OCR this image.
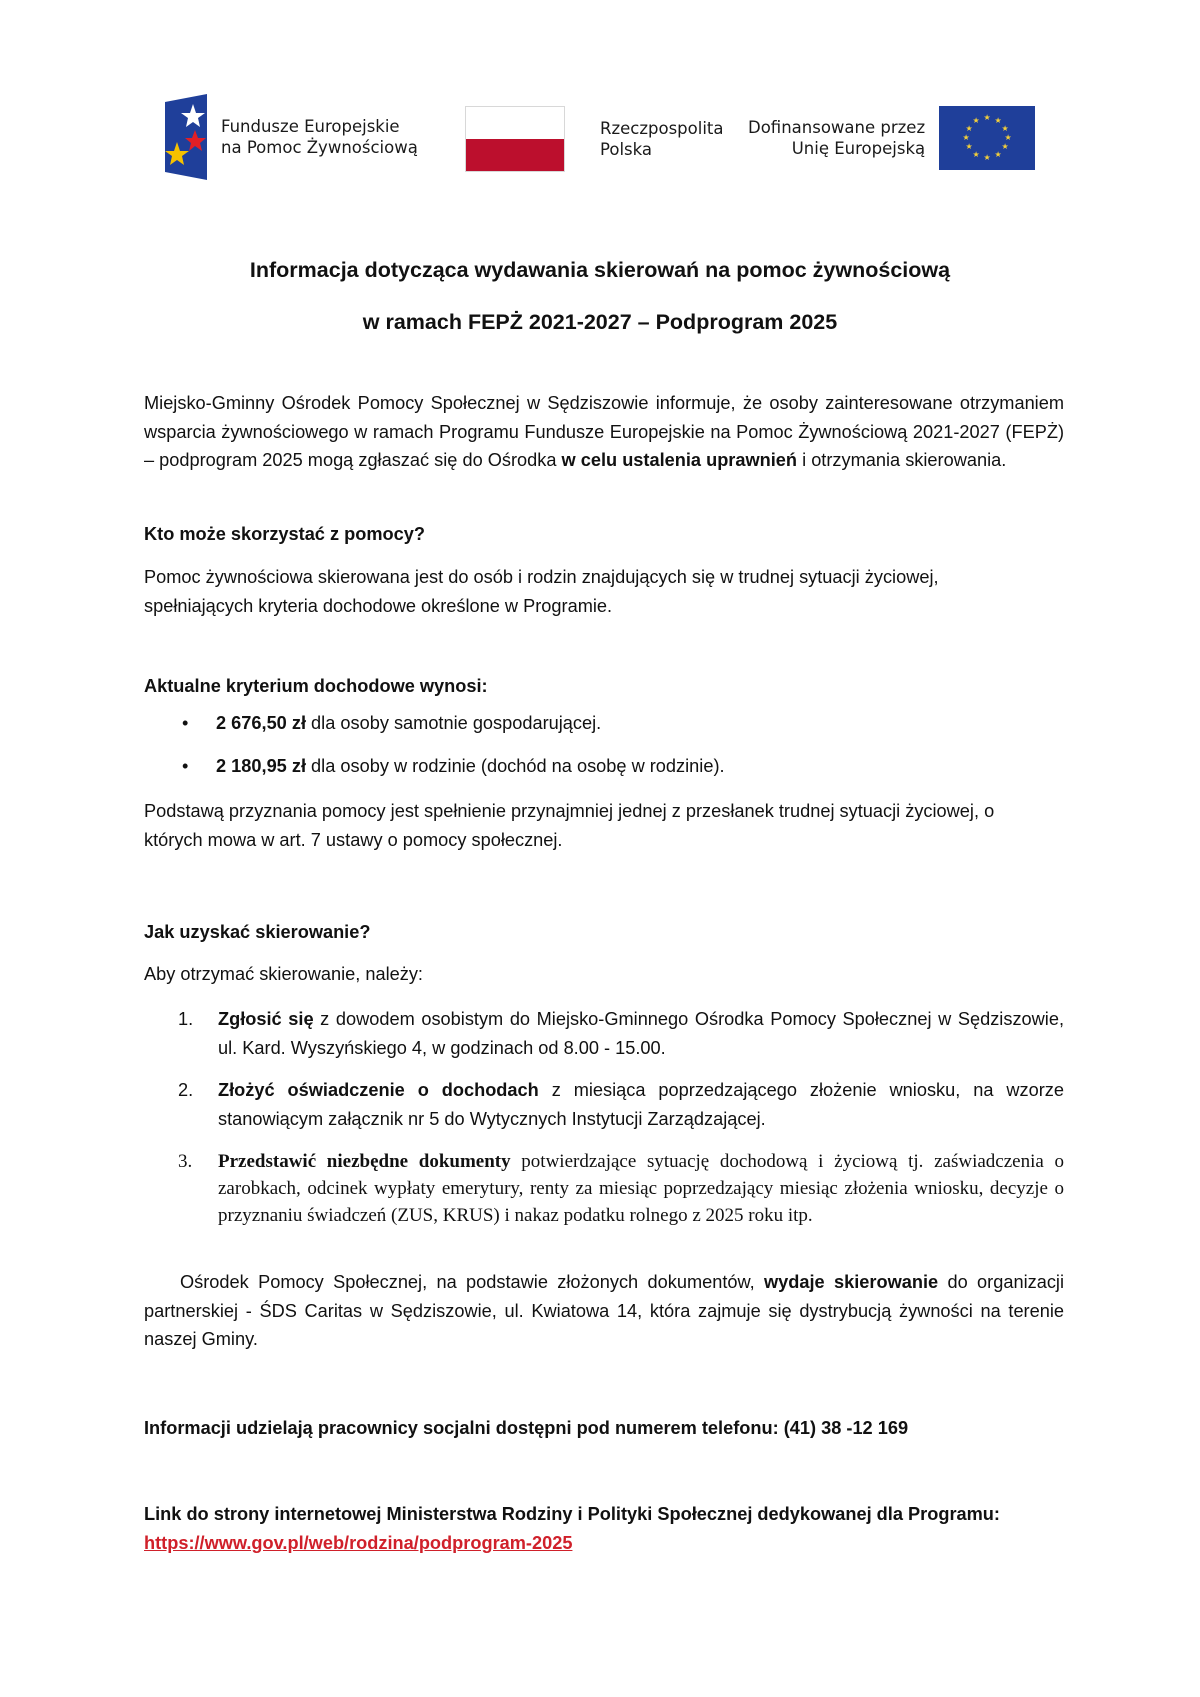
Fundusze Europejskie
na Pomoc Żywnościową
Rzeczpospolita
Polska
Dofinansowane przez
Unię Europejską
★ ★
★
★
★
★
★
★
★
★
★
★
Informacja dotycząca wydawania skierowań na pomoc żywnościową
w ramach FEPŻ 2021-2027 – Podprogram 2025

Miejsko-Gminny Ośrodek Pomocy Społecznej w Sędziszowie informuje, że osoby zainteresowane otrzymaniem wsparcia żywnościowego w ramach Programu Fundusze Europejskie na Pomoc Żywnościową 2021-2027 (FEPŻ) – podprogram 2025 mogą zgłaszać się do Ośrodka w celu ustalenia uprawnień i otrzymania skierowania.

Kto może skorzystać z pomocy?

Pomoc żywnościowa skierowana jest do osób i rodzin znajdujących się w trudnej sytuacji życiowej, spełniających kryteria dochodowe określone w Programie.

Aktualne kryterium dochodowe wynosi:
• 2 676,50 zł dla osoby samotnie gospodarującej.
• 2 180,95 zł dla osoby w rodzinie (dochód na osobę w rodzinie).

Podstawą przyznania pomocy jest spełnienie przynajmniej jednej z przesłanek trudnej sytuacji życiowej, o których mowa w art. 7 ustawy o pomocy społecznej.

Jak uzyskać skierowanie?
Aby otrzymać skierowanie, należy:
1. Zgłosić się z dowodem osobistym do Miejsko-Gminnego Ośrodka Pomocy Społecznej w Sędziszowie, ul. Kard. Wyszyńskiego 4, w godzinach od 8.00 - 15.00.

2. Złożyć oświadczenie o dochodach z miesiąca poprzedzającego złożenie wniosku, na wzorze stanowiącym załącznik nr 5 do Wytycznych Instytucji Zarządzającej.

3. Przedstawić niezbędne dokumenty potwierdzające sytuację dochodową i życiową tj. zaświadczenia o zarobkach, odcinek wypłaty emerytury, renty za miesiąc poprzedzający miesiąc złożenia wniosku, decyzje o przyznaniu świadczeń (ZUS, KRUS) i nakaz podatku rolnego z 2025 roku itp.

Ośrodek Pomocy Społecznej, na podstawie złożonych dokumentów, wydaje skierowanie do organizacji partnerskiej - ŚDS Caritas w Sędziszowie, ul. Kwiatowa 14, która zajmuje się dystrybucją żywności na terenie naszej Gminy.

Informacji udzielają pracownicy socjalni dostępni pod numerem telefonu: (41) 38 -12 169
Link do strony internetowej Ministerstwa Rodziny i Polityki Społecznej dedykowanej dla Programu: https://www.gov.pl/web/rodzina/podprogram-2025
